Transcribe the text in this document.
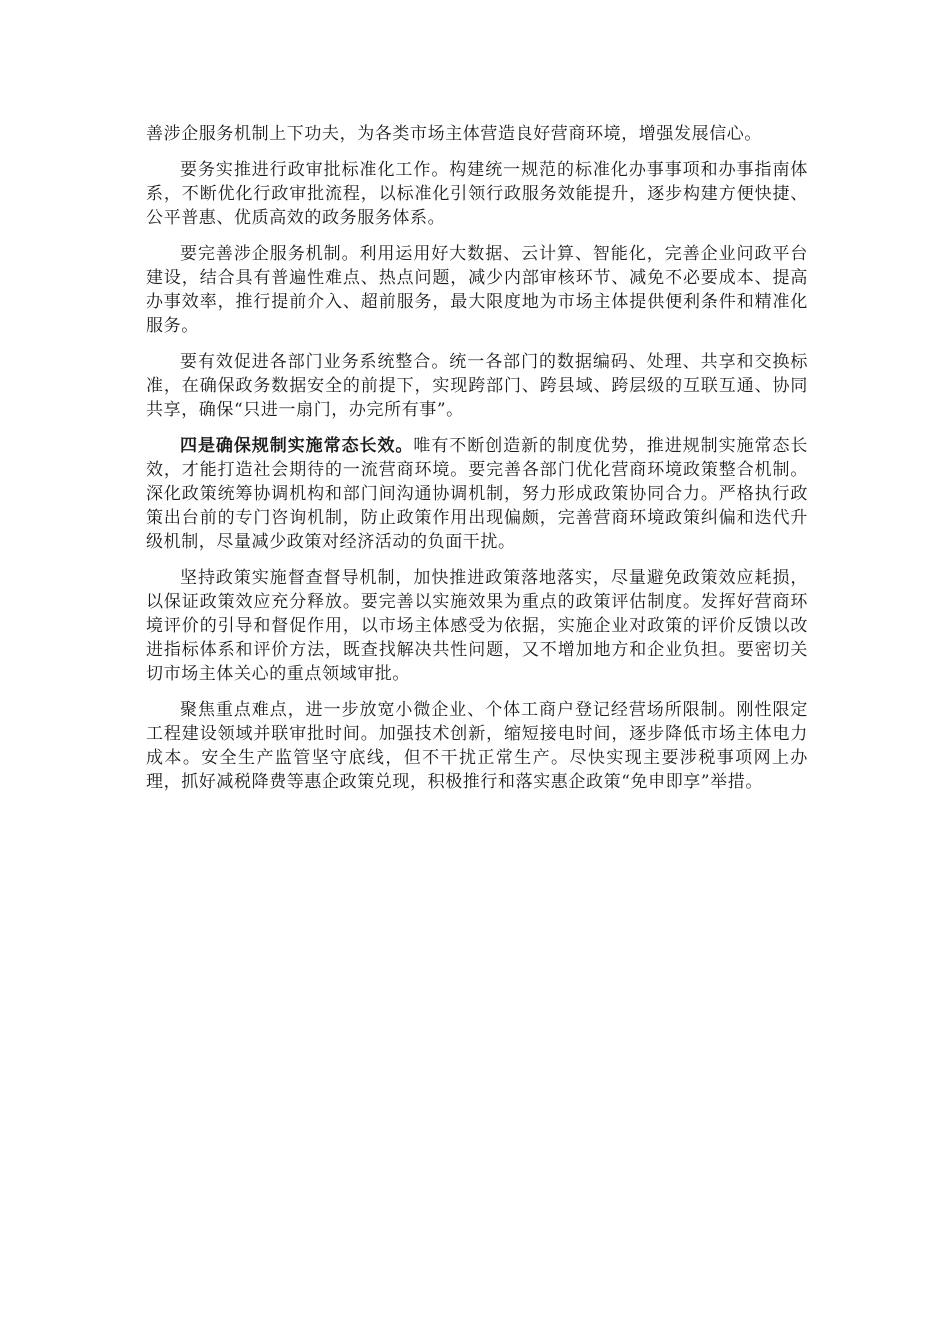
善涉企服务机制上下功夫，为各类市场主体营造良好营商环境，增强发展信心。

要务实推进行政审批标准化工作。构建统一规范的标准化办事事项和办事指南体系，不断优化行政审批流程，以标准化引领行政服务效能提升，逐步构建方便快捷、公平普惠、优质高效的政务服务体系。

要完善涉企服务机制。利用运用好大数据、云计算、智能化，完善企业问政平台建设，结合具有普遍性难点、热点问题，减少内部审核环节、减免不必要成本、提高办事效率，推行提前介入、超前服务，最大限度地为市场主体提供便利条件和精准化服务。

要有效促进各部门业务系统整合。统一各部门的数据编码、处理、共享和交换标准，在确保政务数据安全的前提下，实现跨部门、跨县域、跨层级的互联互通、协同共享，确保“只进一扇门，办完所有事”。

四是确保规制实施常态长效。唯有不断创造新的制度优势，推进规制实施常态长效，才能打造社会期待的一流营商环境。要完善各部门优化营商环境政策整合机制。深化政策统筹协调机构和部门间沟通协调机制，努力形成政策协同合力。严格执行政策出台前的专门咨询机制，防止政策作用出现偏颇，完善营商环境政策纠偏和迭代升级机制，尽量减少政策对经济活动的负面干扰。

坚持政策实施督查督导机制，加快推进政策落地落实，尽量避免政策效应耗损，以保证政策效应充分释放。要完善以实施效果为重点的政策评估制度。发挥好营商环境评价的引导和督促作用，以市场主体感受为依据，实施企业对政策的评价反馈以改进指标体系和评价方法，既查找解决共性问题，又不增加地方和企业负担。要密切关切市场主体关心的重点领域审批。

聚焦重点难点，进一步放宽小微企业、个体工商户登记经营场所限制。刚性限定工程建设领域并联审批时间。加强技术创新，缩短接电时间，逐步降低市场主体电力成本。安全生产监管坚守底线，但不干扰正常生产。尽快实现主要涉税事项网上办理，抓好减税降费等惠企政策兑现，积极推行和落实惠企政策“免申即享”举措。
